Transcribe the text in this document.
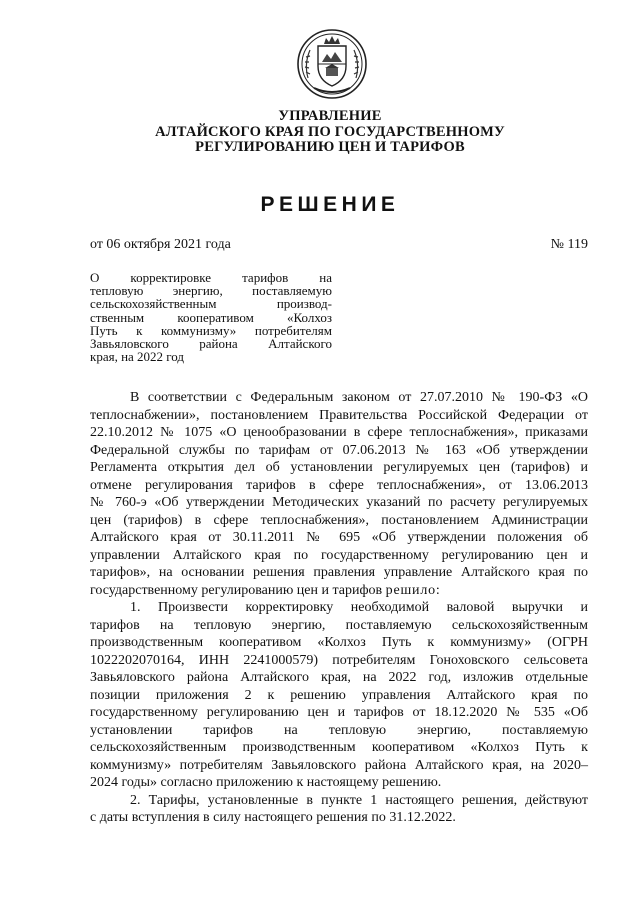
УПРАВЛЕНИЕ
АЛТАЙСКОГО КРАЯ ПО ГОСУДАРСТВЕННОМУ
РЕГУЛИРОВАНИЮ ЦЕН И ТАРИФОВ
РЕШЕНИЕ
от 06 октября 2021 года	№ 119
О корректировке тарифов на
тепловую энергию, поставляемую
сельскохозяйственным производ-
ственным кооперативом «Колхоз
Путь к коммунизму» потребителям
Завьяловского района Алтайского
края, на 2022 год
В соответствии с Федеральным законом от 27.07.2010 № 190-ФЗ «О
теплоснабжении», постановлением Правительства Российской Федерации от
22.10.2012 № 1075 «О ценообразовании в сфере теплоснабжения», приказами
Федеральной службы по тарифам от 07.06.2013 № 163 «Об утверждении
Регламента открытия дел об установлении регулируемых цен (тарифов) и
отмене регулирования тарифов в сфере теплоснабжения», от 13.06.2013
№ 760-э «Об утверждении Методических указаний по расчету регулируемых
цен (тарифов) в сфере теплоснабжения», постановлением Администрации
Алтайского края от 30.11.2011 № 695 «Об утверждении положения об
управлении Алтайского края по государственному регулированию цен и
тарифов», на основании решения правления управление Алтайского края по
государственному регулированию цен и тарифов решило:
1. Произвести корректировку необходимой валовой выручки и
тарифов на тепловую энергию, поставляемую сельскохозяйственным
производственным кооперативом «Колхоз Путь к коммунизму» (ОГРН
1022202070164, ИНН 2241000579) потребителям Гоноховского сельсовета
Завьяловского района Алтайского края, на 2022 год, изложив отдельные
позиции приложения 2 к решению управления Алтайского края по
государственному регулированию цен и тарифов от 18.12.2020 № 535 «Об
установлении тарифов на тепловую энергию, поставляемую
сельскохозяйственным производственным кооперативом «Колхоз Путь к
коммунизму» потребителям Завьяловского района Алтайского края, на 2020–
2024 годы» согласно приложению к настоящему решению.
2. Тарифы, установленные в пункте 1 настоящего решения, действуют
с даты вступления в силу настоящего решения по 31.12.2022.
